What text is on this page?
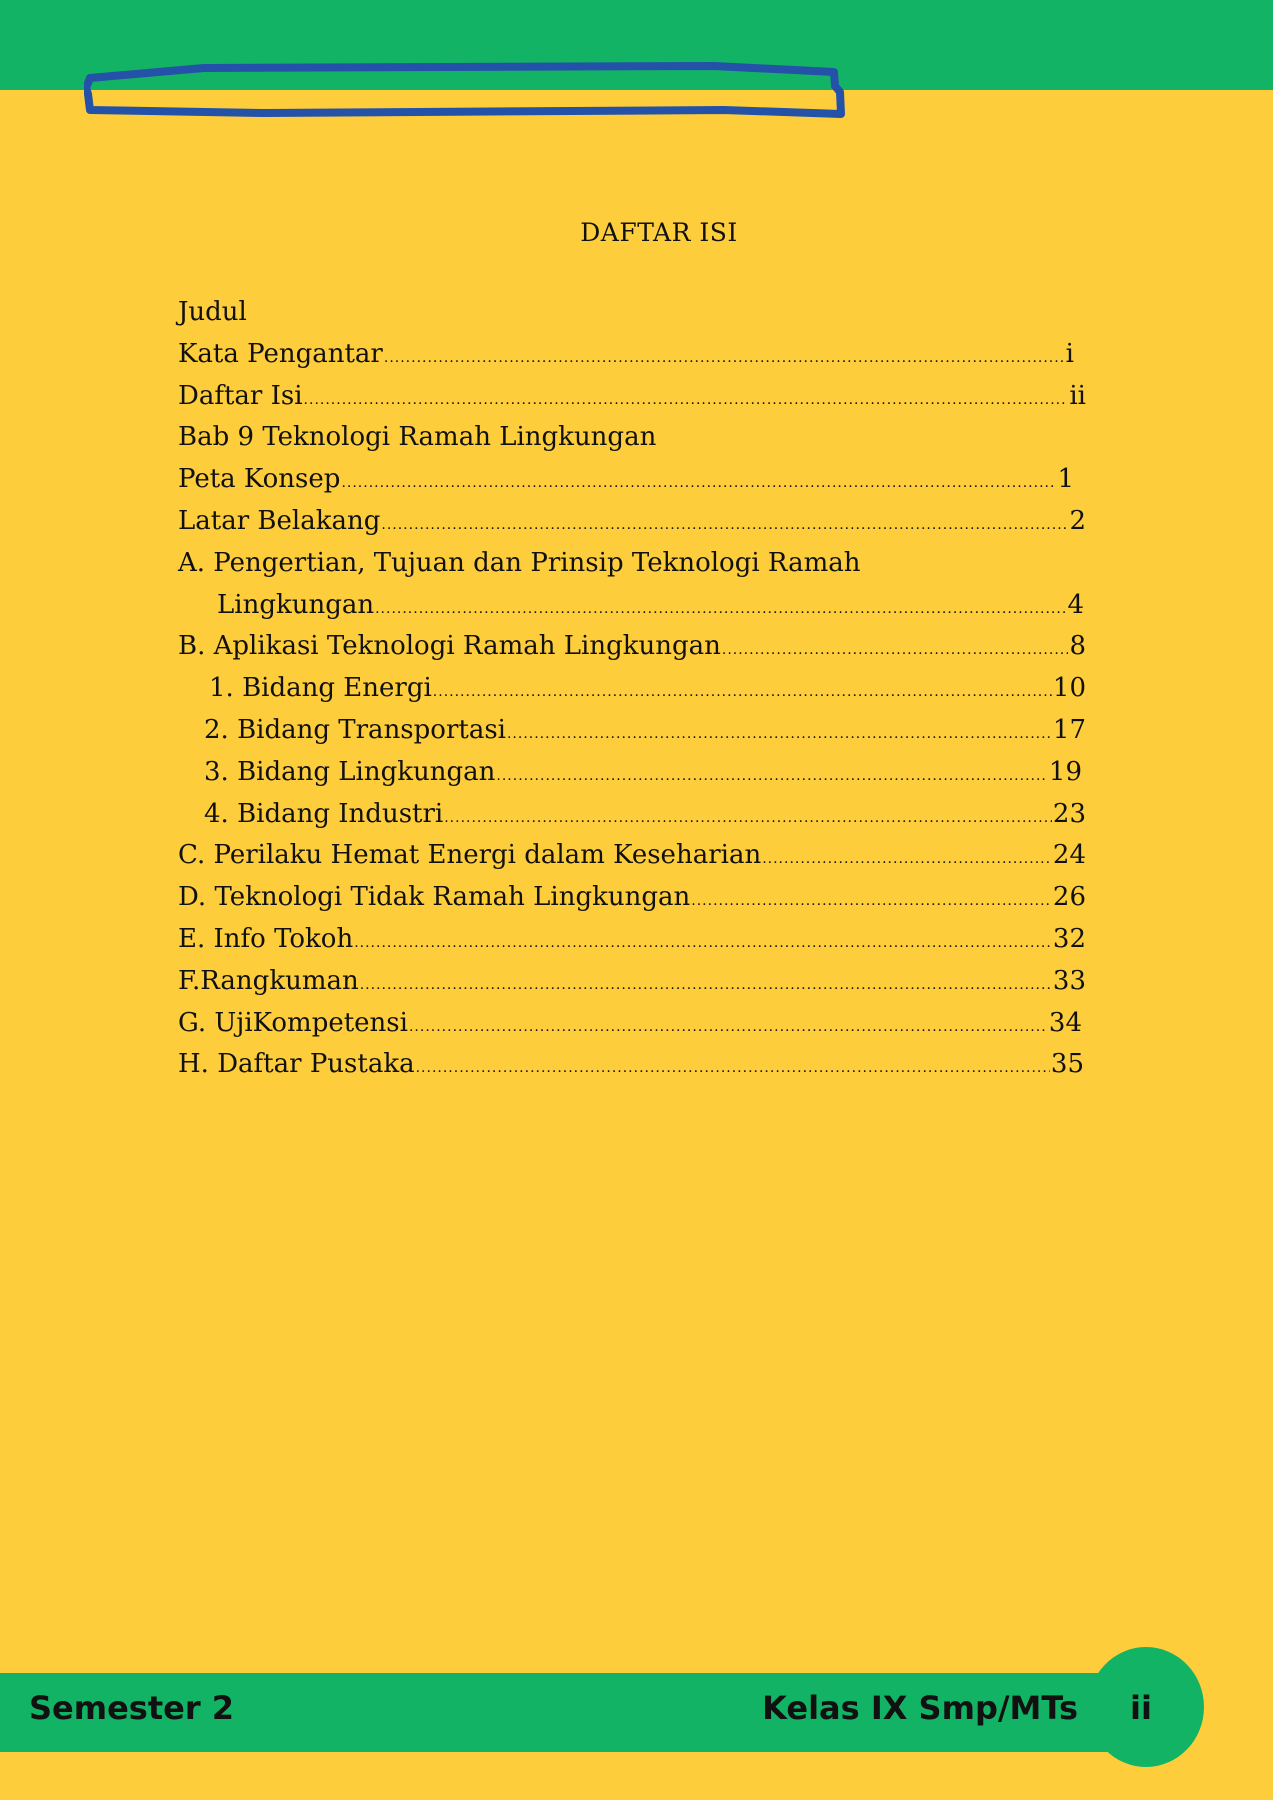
DAFTAR ISI
Judul
Kata Pengantar .....	i
Daftar Isi .....	ii
Bab 9 Teknologi Ramah Lingkungan
Peta Konsep .....	1
Latar Belakang .....	2
A. Pengertian, Tujuan dan Prinsip Teknologi Ramah
Lingkungan .....	4
B. Aplikasi Teknologi Ramah Lingkungan .....	8
1. Bidang Energi .....	10
2. Bidang Transportasi .....	17
3. Bidang Lingkungan .....	19
4. Bidang Industri .....	23
C. Perilaku Hemat Energi dalam Keseharian .....	24
D. Teknologi Tidak Ramah Lingkungan .....	26
E. Info Tokoh .....	32
F.Rangkuman .....	33
G. UjiKompetensi .....	34
H. Daftar Pustaka .....	35
Semester 2	Kelas IX Smp/MTs ii
